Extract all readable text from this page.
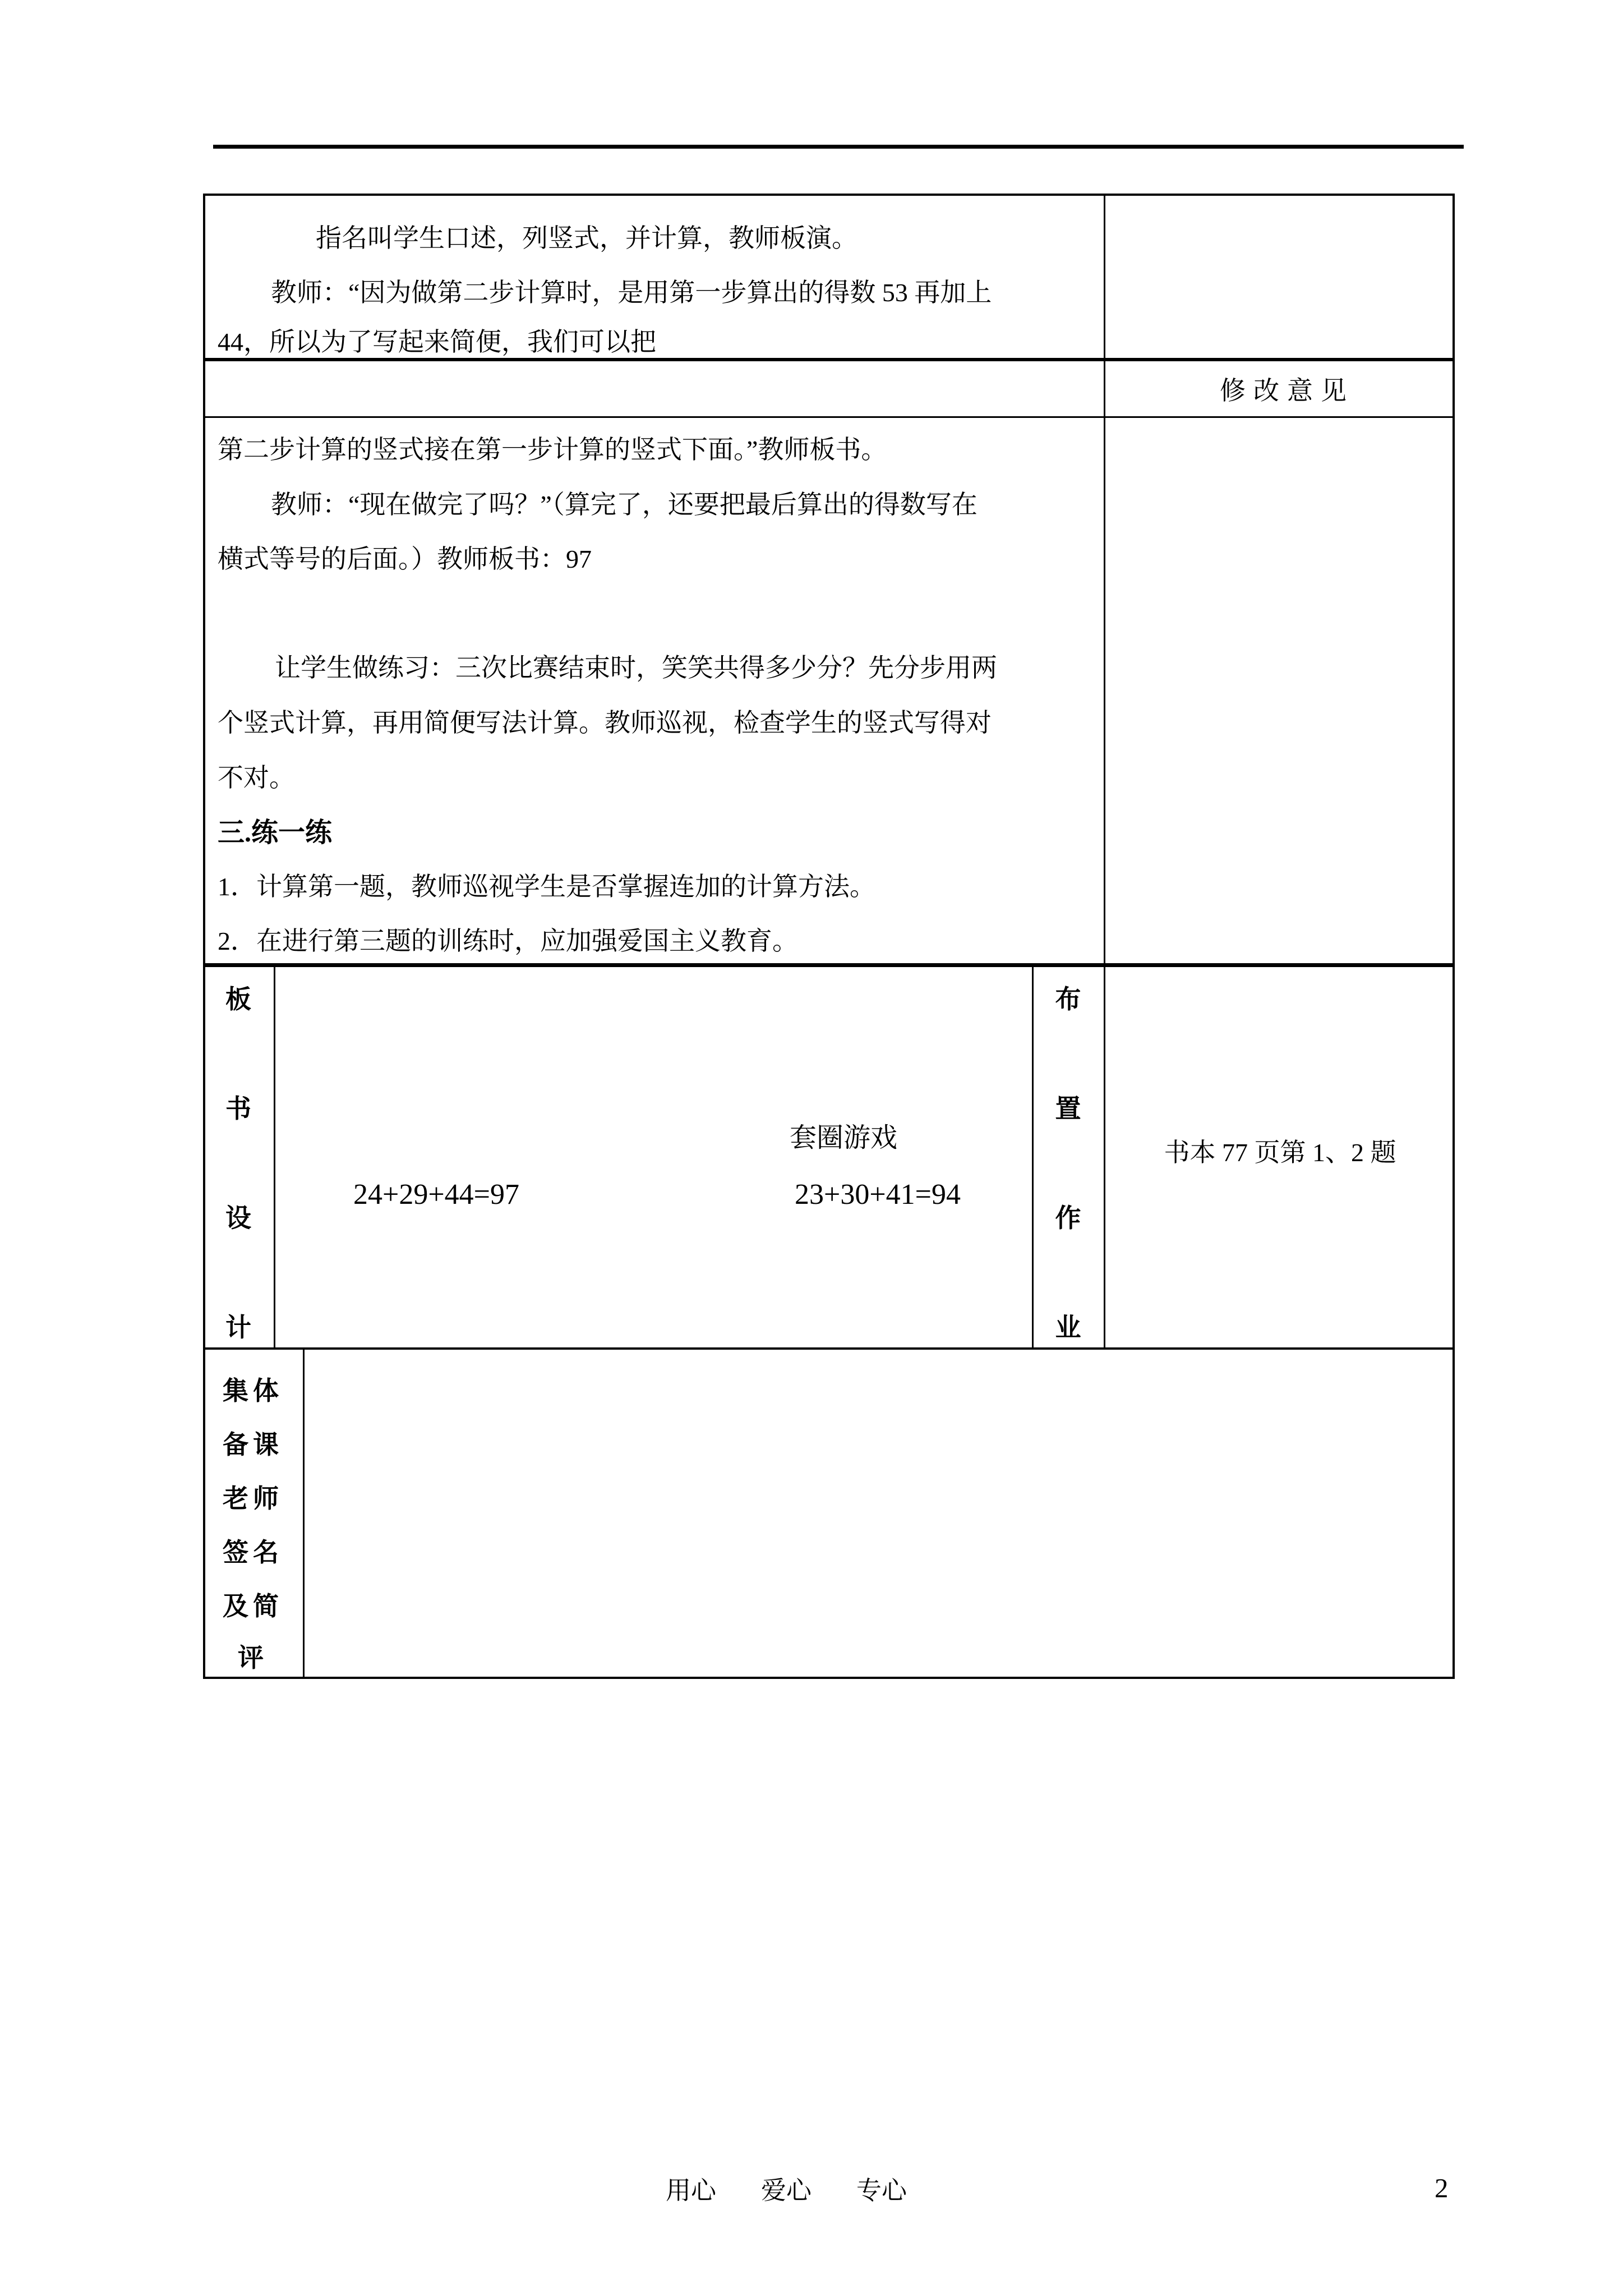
指名叫学生口述，列竖式，并计算，教师板演。
教师：“因为做第二步计算时，是用第一步算出的得数 53 再加上
44，所以为了写起来简便，我们可以把
修改意见
第二步计算的竖式接在第一步计算的竖式下面。”教师板书。
教师：“现在做完了吗？”（算完了，还要把最后算出的得数写在
横式等号的后面。）教师板书：97
让学生做练习：三次比赛结束时，笑笑共得多少分？先分步用两
个竖式计算，再用简便写法计算。教师巡视，检查学生的竖式写得对
不对。
三.练一练
1．计算第一题，教师巡视学生是否掌握连加的计算方法。
2．在进行第三题的训练时，应加强爱国主义教育。
板
书
设
计
套圈游戏
24+29+44=97	23+30+41=94
布
置
作
业
书本 77 页第 1、2 题
集体
备课
老师
签名
及简
评
用心 爱心 专心	2
